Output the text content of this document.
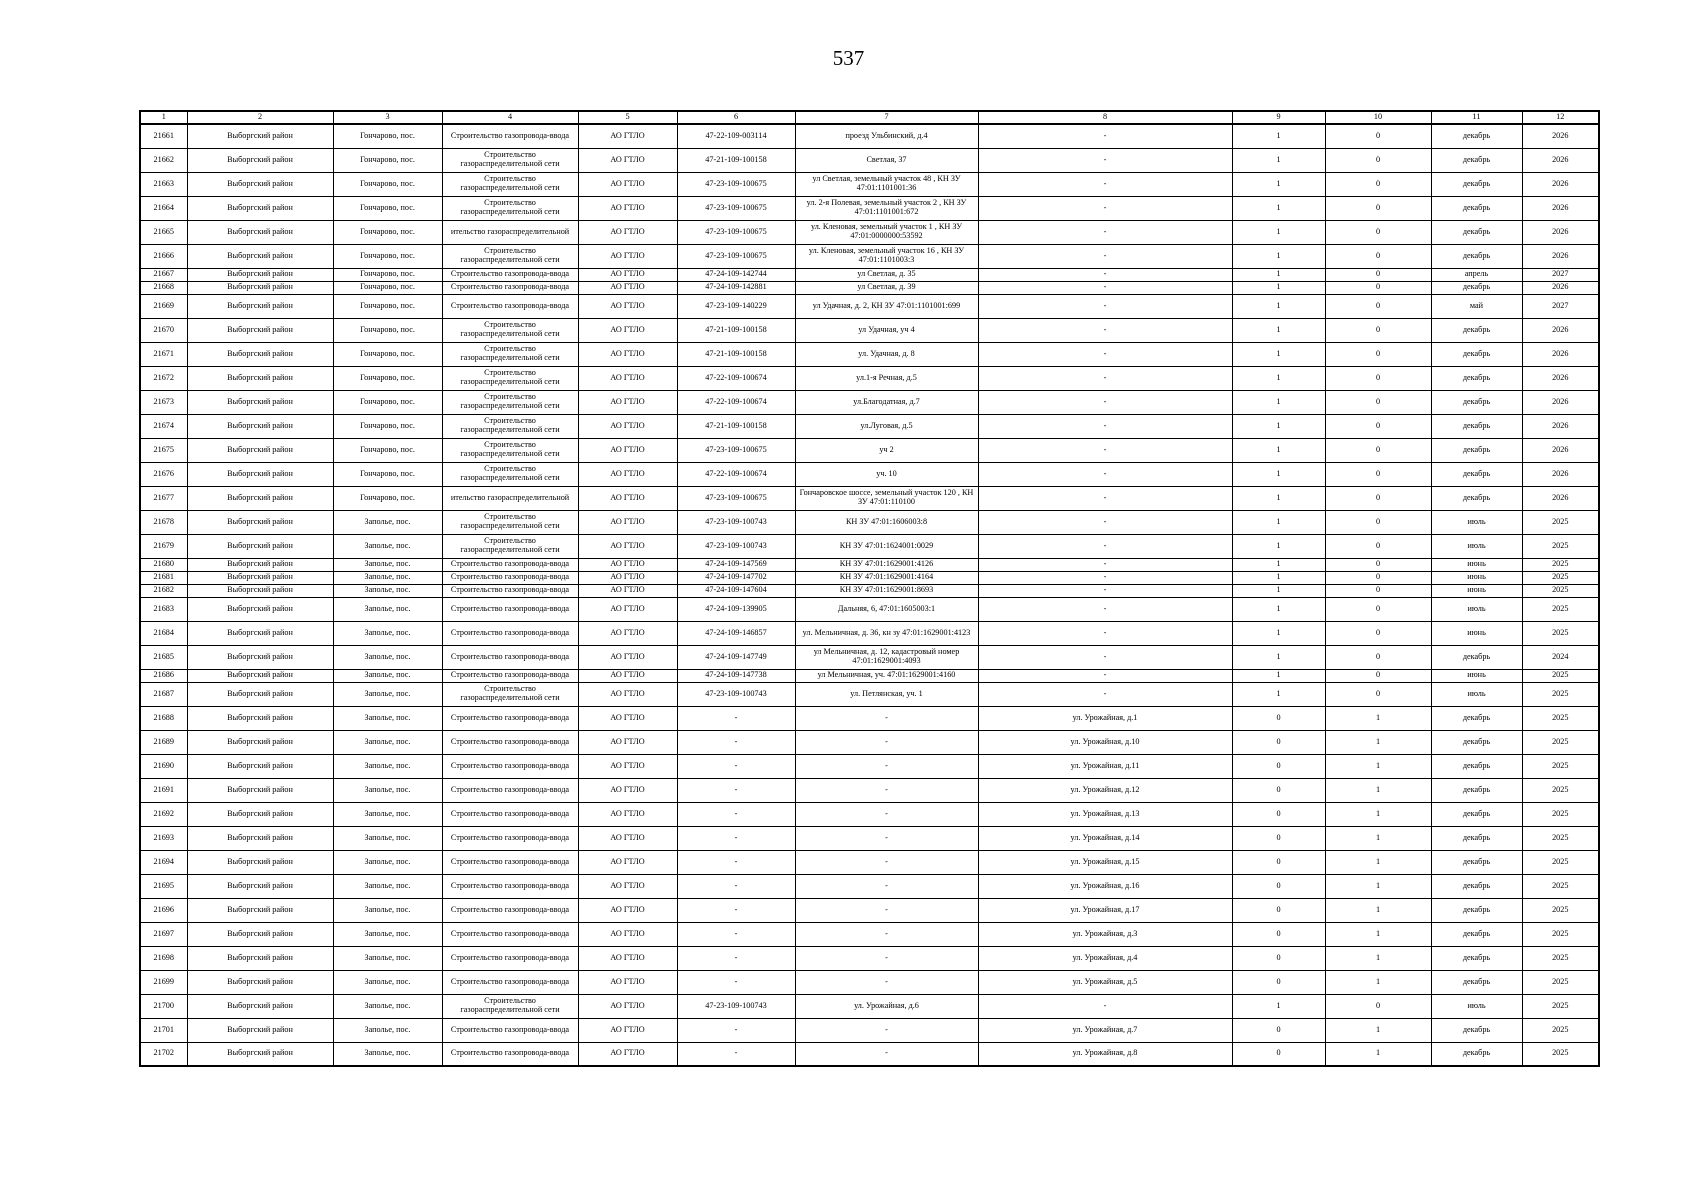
537
1	2	3	4	5	6	7	8	9	10	11	12
21661	Выборгский район	Гончарово, пос.	Строительство газопровода-ввода	АО ГТЛО	47-22-109-003114	проезд Ульбинский, д.4	-	1	0	декабрь	2026
21662	Выборгский район	Гончарово, пос.	Строительство газораспределительной сети	АО ГТЛО	47-21-109-100158	Светлая, 37	-	1	0	декабрь	2026
21663	Выборгский район	Гончарово, пос.	Строительство газораспределительной сети	АО ГТЛО	47-23-109-100675	ул Светлая, земельный участок 48 , КН ЗУ 47:01:1101001:36	-	1	0	декабрь	2026
21664	Выборгский район	Гончарово, пос.	Строительство газораспределительной сети	АО ГТЛО	47-23-109-100675	ул. 2-я Полевая, земельный участок 2 , КН ЗУ 47:01:1101001:672	-	1	0	декабрь	2026
21665	Выборгский район	Гончарово, пос.	ительство газораспределительной	АО ГТЛО	47-23-109-100675	ул. Кленовая, земельный участок 1 , КН ЗУ 47:01:0000000:53592	-	1	0	декабрь	2026
21666	Выборгский район	Гончарово, пос.	Строительство газораспределительной сети	АО ГТЛО	47-23-109-100675	ул. Кленовая, земельный участок 16 , КН ЗУ 47:01:1101003:3	-	1	0	декабрь	2026
21667	Выборгский район	Гончарово, пос.	Строительство газопровода-ввода	АО ГТЛО	47-24-109-142744	ул Светлая, д. 35	-	1	0	апрель	2027
21668	Выборгский район	Гончарово, пос.	Строительство газопровода-ввода	АО ГТЛО	47-24-109-142881	ул Светлая, д. 39	-	1	0	декабрь	2026
21669	Выборгский район	Гончарово, пос.	Строительство газопровода-ввода	АО ГТЛО	47-23-109-140229	ул Удачная, д. 2, КН ЗУ 47:01:1101001:699	-	1	0	май	2027
21670	Выборгский район	Гончарово, пос.	Строительство газораспределительной сети	АО ГТЛО	47-21-109-100158	ул Удачная, уч 4	-	1	0	декабрь	2026
21671	Выборгский район	Гончарово, пос.	Строительство газораспределительной сети	АО ГТЛО	47-21-109-100158	ул. Удачная, д. 8	-	1	0	декабрь	2026
21672	Выборгский район	Гончарово, пос.	Строительство газораспределительной сети	АО ГТЛО	47-22-109-100674	ул.1-я Речная, д.5	-	1	0	декабрь	2026
21673	Выборгский район	Гончарово, пос.	Строительство газораспределительной сети	АО ГТЛО	47-22-109-100674	ул.Благодатная, д.7	-	1	0	декабрь	2026
21674	Выборгский район	Гончарово, пос.	Строительство газораспределительной сети	АО ГТЛО	47-21-109-100158	ул.Луговая, д.5	-	1	0	декабрь	2026
21675	Выборгский район	Гончарово, пос.	Строительство газораспределительной сети	АО ГТЛО	47-23-109-100675	уч 2	-	1	0	декабрь	2026
21676	Выборгский район	Гончарово, пос.	Строительство газораспределительной сети	АО ГТЛО	47-22-109-100674	уч. 10	-	1	0	декабрь	2026
21677	Выборгский район	Гончарово, пос.	ительство газораспределительной	АО ГТЛО	47-23-109-100675	Гончаровское шоссе, земельный участок 120 , КН ЗУ 47:01:110100	-	1	0	декабрь	2026
21678	Выборгский район	Заполье, пос.	Строительство газораспределительной сети	АО ГТЛО	47-23-109-100743	КН ЗУ 47:01:1606003:8	-	1	0	июль	2025
21679	Выборгский район	Заполье, пос.	Строительство газораспределительной сети	АО ГТЛО	47-23-109-100743	КН ЗУ 47:01:1624001:0029	-	1	0	июль	2025
21680	Выборгский район	Заполье, пос.	Строительство газопровода-ввода	АО ГТЛО	47-24-109-147569	КН ЗУ 47:01:1629001:4126	-	1	0	июнь	2025
21681	Выборгский район	Заполье, пос.	Строительство газопровода-ввода	АО ГТЛО	47-24-109-147702	КН ЗУ 47:01:1629001:4164	-	1	0	июнь	2025
21682	Выборгский район	Заполье, пос.	Строительство газопровода-ввода	АО ГТЛО	47-24-109-147604	КН ЗУ 47:01:1629001:8693	-	1	0	июнь	2025
21683	Выборгский район	Заполье, пос.	Строительство газопровода-ввода	АО ГТЛО	47-24-109-139905	Дальняя, 6, 47:01:1605003:1	-	1	0	июль	2025
21684	Выборгский район	Заполье, пос.	Строительство газопровода-ввода	АО ГТЛО	47-24-109-146857	ул. Мельничная, д. 36, кн зу 47:01:1629001:4123	-	1	0	июнь	2025
21685	Выборгский район	Заполье, пос.	Строительство газопровода-ввода	АО ГТЛО	47-24-109-147749	ул Мельничная, д. 12, кадастровый номер 47:01:1629001:4093	-	1	0	декабрь	2024
21686	Выборгский район	Заполье, пос.	Строительство газопровода-ввода	АО ГТЛО	47-24-109-147738	ул Мельничная, уч. 47:01:1629001:4160	-	1	0	июнь	2025
21687	Выборгский район	Заполье, пос.	Строительство газораспределительной сети	АО ГТЛО	47-23-109-100743	ул. Петлянская, уч. 1	-	1	0	июль	2025
21688	Выборгский район	Заполье, пос.	Строительство газопровода-ввода	АО ГТЛО	-	-	ул. Урожайная, д.1	0	1	декабрь	2025
21689	Выборгский район	Заполье, пос.	Строительство газопровода-ввода	АО ГТЛО	-	-	ул. Урожайная, д.10	0	1	декабрь	2025
21690	Выборгский район	Заполье, пос.	Строительство газопровода-ввода	АО ГТЛО	-	-	ул. Урожайная, д.11	0	1	декабрь	2025
21691	Выборгский район	Заполье, пос.	Строительство газопровода-ввода	АО ГТЛО	-	-	ул. Урожайная, д.12	0	1	декабрь	2025
21692	Выборгский район	Заполье, пос.	Строительство газопровода-ввода	АО ГТЛО	-	-	ул. Урожайная, д.13	0	1	декабрь	2025
21693	Выборгский район	Заполье, пос.	Строительство газопровода-ввода	АО ГТЛО	-	-	ул. Урожайная, д.14	0	1	декабрь	2025
21694	Выборгский район	Заполье, пос.	Строительство газопровода-ввода	АО ГТЛО	-	-	ул. Урожайная, д.15	0	1	декабрь	2025
21695	Выборгский район	Заполье, пос.	Строительство газопровода-ввода	АО ГТЛО	-	-	ул. Урожайная, д.16	0	1	декабрь	2025
21696	Выборгский район	Заполье, пос.	Строительство газопровода-ввода	АО ГТЛО	-	-	ул. Урожайная, д.17	0	1	декабрь	2025
21697	Выборгский район	Заполье, пос.	Строительство газопровода-ввода	АО ГТЛО	-	-	ул. Урожайная, д.3	0	1	декабрь	2025
21698	Выборгский район	Заполье, пос.	Строительство газопровода-ввода	АО ГТЛО	-	-	ул. Урожайная, д.4	0	1	декабрь	2025
21699	Выборгский район	Заполье, пос.	Строительство газопровода-ввода	АО ГТЛО	-	-	ул. Урожайная, д.5	0	1	декабрь	2025
21700	Выборгский район	Заполье, пос.	Строительство газораспределительной сети	АО ГТЛО	47-23-109-100743	ул. Урожайная, д.6	-	1	0	июль	2025
21701	Выборгский район	Заполье, пос.	Строительство газопровода-ввода	АО ГТЛО	-	-	ул. Урожайная, д.7	0	1	декабрь	2025
21702	Выборгский район	Заполье, пос.	Строительство газопровода-ввода	АО ГТЛО	-	-	ул. Урожайная, д.8	0	1	декабрь	2025
